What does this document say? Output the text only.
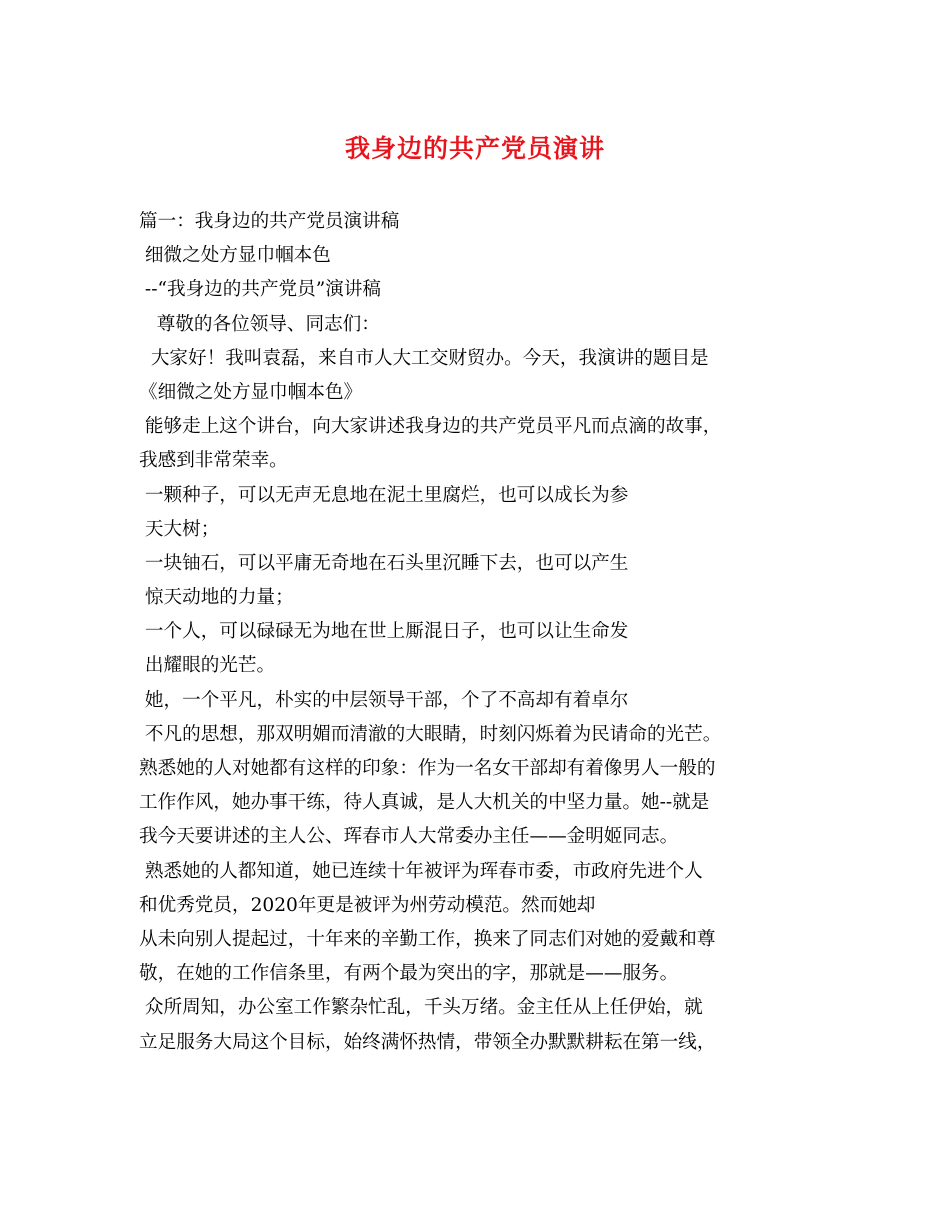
我身边的共产党员演讲
篇一：我身边的共产党员演讲稿
细微之处方显巾帼本色
--“我身边的共产党员”演讲稿
尊敬的各位领导、同志们：
大家好！我叫袁磊，来自市人大工交财贸办。今天，我演讲的题目是
《细微之处方显巾帼本色》
能够走上这个讲台，向大家讲述我身边的共产党员平凡而点滴的故事，
我感到非常荣幸。
一颗种子，可以无声无息地在泥土里腐烂，也可以成长为参
天大树；
一块铀石，可以平庸无奇地在石头里沉睡下去，也可以产生
惊天动地的力量；
一个人，可以碌碌无为地在世上厮混日子，也可以让生命发
出耀眼的光芒。
她，一个平凡，朴实的中层领导干部，个了不高却有着卓尔
不凡的思想，那双明媚而清澈的大眼睛，时刻闪烁着为民请命的光芒。
熟悉她的人对她都有这样的印象：作为一名女干部却有着像男人一般的
工作作风，她办事干练，待人真诚，是人大机关的中坚力量。她--就是
我今天要讲述的主人公、珲春市人大常委办主任——金明姬同志。
熟悉她的人都知道，她已连续十年被评为珲春市委，市政府先进个人
和优秀党员，2020年更是被评为州劳动模范。然而她却
从未向别人提起过，十年来的辛勤工作，换来了同志们对她的爱戴和尊
敬，在她的工作信条里，有两个最为突出的字，那就是——服务。
众所周知，办公室工作繁杂忙乱，千头万绪。金主任从上任伊始，就
立足服务大局这个目标，始终满怀热情，带领全办默默耕耘在第一线，
